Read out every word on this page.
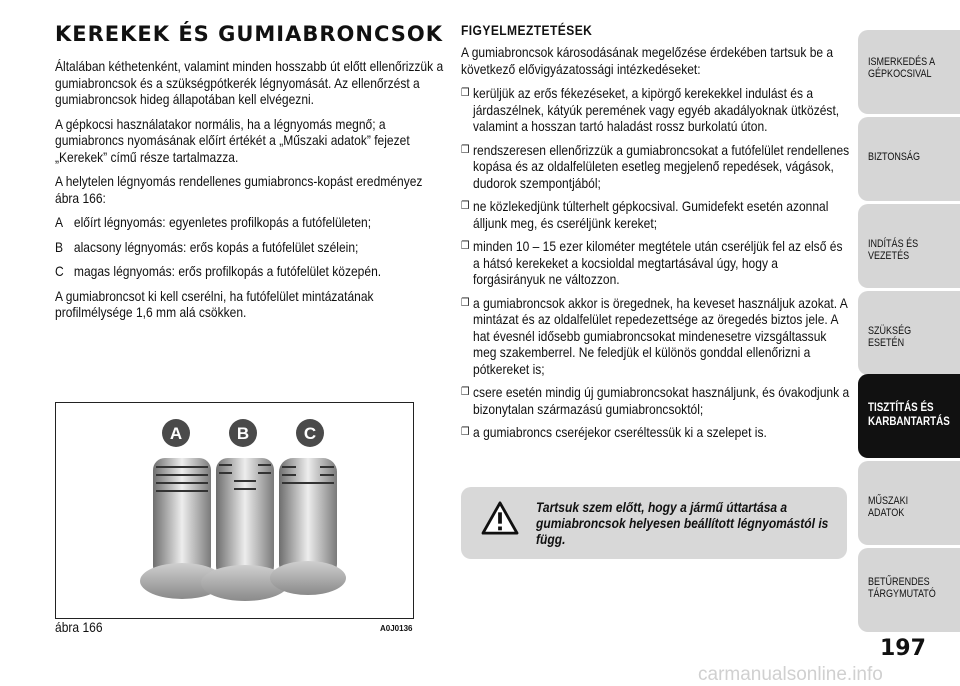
KEREKEK ÉS GUMIABRONCSOK

Általában kéthetenként, valamint minden hosszabb út előtt ellenőrizzük a gumiabroncsok és a szükségpótkerék légnyomását. Az ellenőrzést a gumiabroncsok hideg állapotában kell elvégezni.

A gépkocsi használatakor normális, ha a légnyomás megnő; a gumiabroncs nyomásának előírt értékét a „Műszaki adatok” fejezet „Kerekek” című része tartalmazza.

A helytelen légnyomás rendellenes gumiabroncs-kopást eredményez ábra 166:

A előírt légnyomás: egyenletes profilkopás a futófelületen;
B alacsony légnyomás: erős kopás a futófelület szélein;
C magas légnyomás: erős profilkopás a futófelület közepén.

A gumiabroncsot ki kell cserélni, ha futófelület mintázatának profilmélysége 1,6 mm alá csökken.

A	B	C
ábra 166	A0J0136
FIGYELMEZTETÉSEK

A gumiabroncsok károsodásának megelőzése érdekében tartsuk be a következő elővigyázatossági intézkedéseket:

❒ kerüljük az erős fékezéseket, a kipörgő kerekekkel indulást és a járdaszélnek, kátyúk peremének vagy egyéb akadályoknak ütközést, valamint a hosszan tartó haladást rossz burkolatú úton.
❒ rendszeresen ellenőrizzük a gumiabroncsokat a futófelület rendellenes kopása és az oldalfelületen esetleg megjelenő repedések, vágások, dudorok szempontjából;
❒ ne közlekedjünk túlterhelt gépkocsival. Gumidefekt esetén azonnal álljunk meg, és cseréljünk kereket;
❒ minden 10 – 15 ezer kilométer megtétele után cseréljük fel az első és a hátsó kerekeket a kocsioldal megtartásával úgy, hogy a forgásirányuk ne változzon.
❒ a gumiabroncsok akkor is öregednek, ha keveset használjuk azokat. A mintázat és az oldalfelület repedezettsége az öregedés biztos jele. A hat évesnél idősebb gumiabroncsokat mindenesetre vizsgáltassuk meg szakemberrel. Ne feledjük el különös gonddal ellenőrizni a pótkereket is;
❒ csere esetén mindig új gumiabroncsokat használjunk, és óvakodjunk a bizonytalan származású gumiabroncsoktól;
❒ a gumiabroncs cseréjekor cseréltessük ki a szelepet is.
Tartsuk szem előtt, hogy a jármű úttartása a gumiabroncsok helyesen beállított légnyomástól is függ.
ISMERKEDÉS A GÉPKOCSIVAL
BIZTONSÁG
INDÍTÁS ÉS VEZETÉS
SZÜKSÉG ESETÉN
TISZTÍTÁS ÉS KARBANTARTÁS
MŰSZAKI ADATOK
BETŰRENDES TÁRGYMUTATÓ
197
carmanualsonline.info
